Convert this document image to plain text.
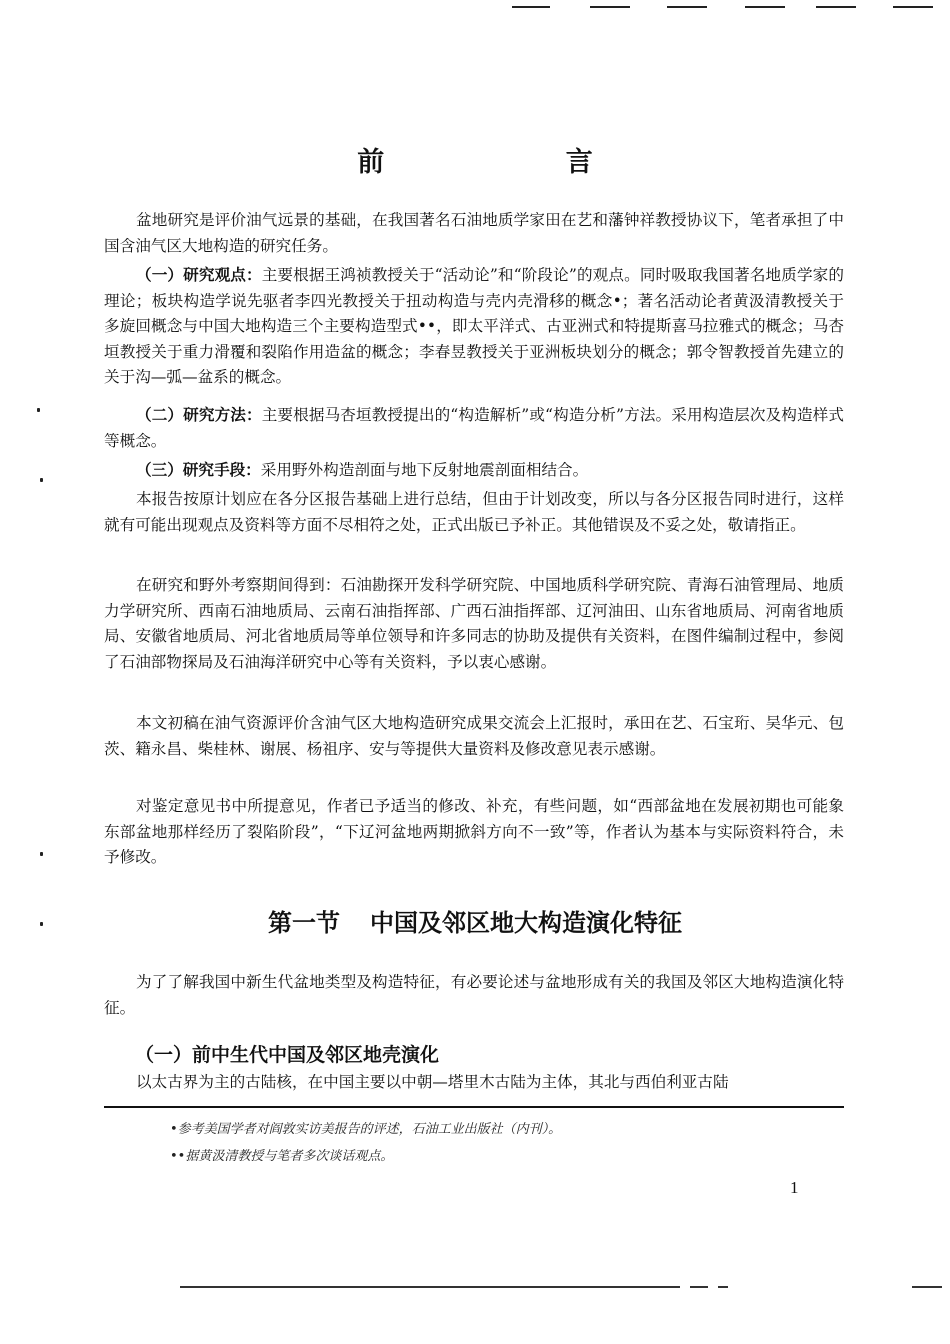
前 言

盆地研究是评价油气远景的基础，在我国著名石油地质学家田在艺和藩钟祥教授协议下，笔者承担了中国含油气区大地构造的研究任务。

（一）研究观点：主要根据王鸿祯教授关于“活动论”和“阶段论”的观点。同时吸取我国著名地质学家的理论；板块构造学说先驱者李四光教授关于扭动构造与壳内壳滑移的概念•；著名活动论者黄汲清教授关于多旋回概念与中国大地构造三个主要构造型式••，即太平洋式、古亚洲式和特提斯喜马拉雅式的概念；马杏垣教授关于重力滑覆和裂陷作用造盆的概念；李春昱教授关于亚洲板块划分的概念；郭令智教授首先建立的关于沟—弧—盆系的概念。

（二）研究方法：主要根据马杏垣教授提出的“构造解析”或“构造分析”方法。采用构造层次及构造样式等概念。

（三）研究手段：采用野外构造剖面与地下反射地震剖面相结合。

本报告按原计划应在各分区报告基础上进行总结，但由于计划改变，所以与各分区报告同时进行，这样就有可能出现观点及资料等方面不尽相符之处，正式出版已予补正。其他错误及不妥之处，敬请指正。

在研究和野外考察期间得到：石油勘探开发科学研究院、中国地质科学研究院、青海石油管理局、地质力学研究所、西南石油地质局、云南石油指挥部、广西石油指挥部、辽河油田、山东省地质局、河南省地质局、安徽省地质局、河北省地质局等单位领导和许多同志的协助及提供有关资料，在图件编制过程中，参阅了石油部物探局及石油海洋研究中心等有关资料，予以衷心感谢。

本文初稿在油气资源评价含油气区大地构造研究成果交流会上汇报时，承田在艺、石宝珩、吴华元、包茨、籍永昌、柴桂林、谢展、杨祖序、安与等提供大量资料及修改意见表示感谢。

对鉴定意见书中所提意见，作者已予适当的修改、补充，有些问题，如“西部盆地在发展初期也可能象东部盆地那样经历了裂陷阶段”，“下辽河盆地两期掀斜方向不一致”等，作者认为基本与实际资料符合，未予修改。

第一节 中国及邻区地大构造演化特征

为了了解我国中新生代盆地类型及构造特征，有必要论述与盆地形成有关的我国及邻区大地构造演化特征。

（一）前中生代中国及邻区地壳演化

以太古界为主的古陆核，在中国主要以中朝—塔里木古陆为主体，其北与西伯利亚古陆

•参考美国学者对阎敦实访美报告的评述，石油工业出版社（内刊）。
••据黄汲清教授与笔者多次谈话观点。
1
